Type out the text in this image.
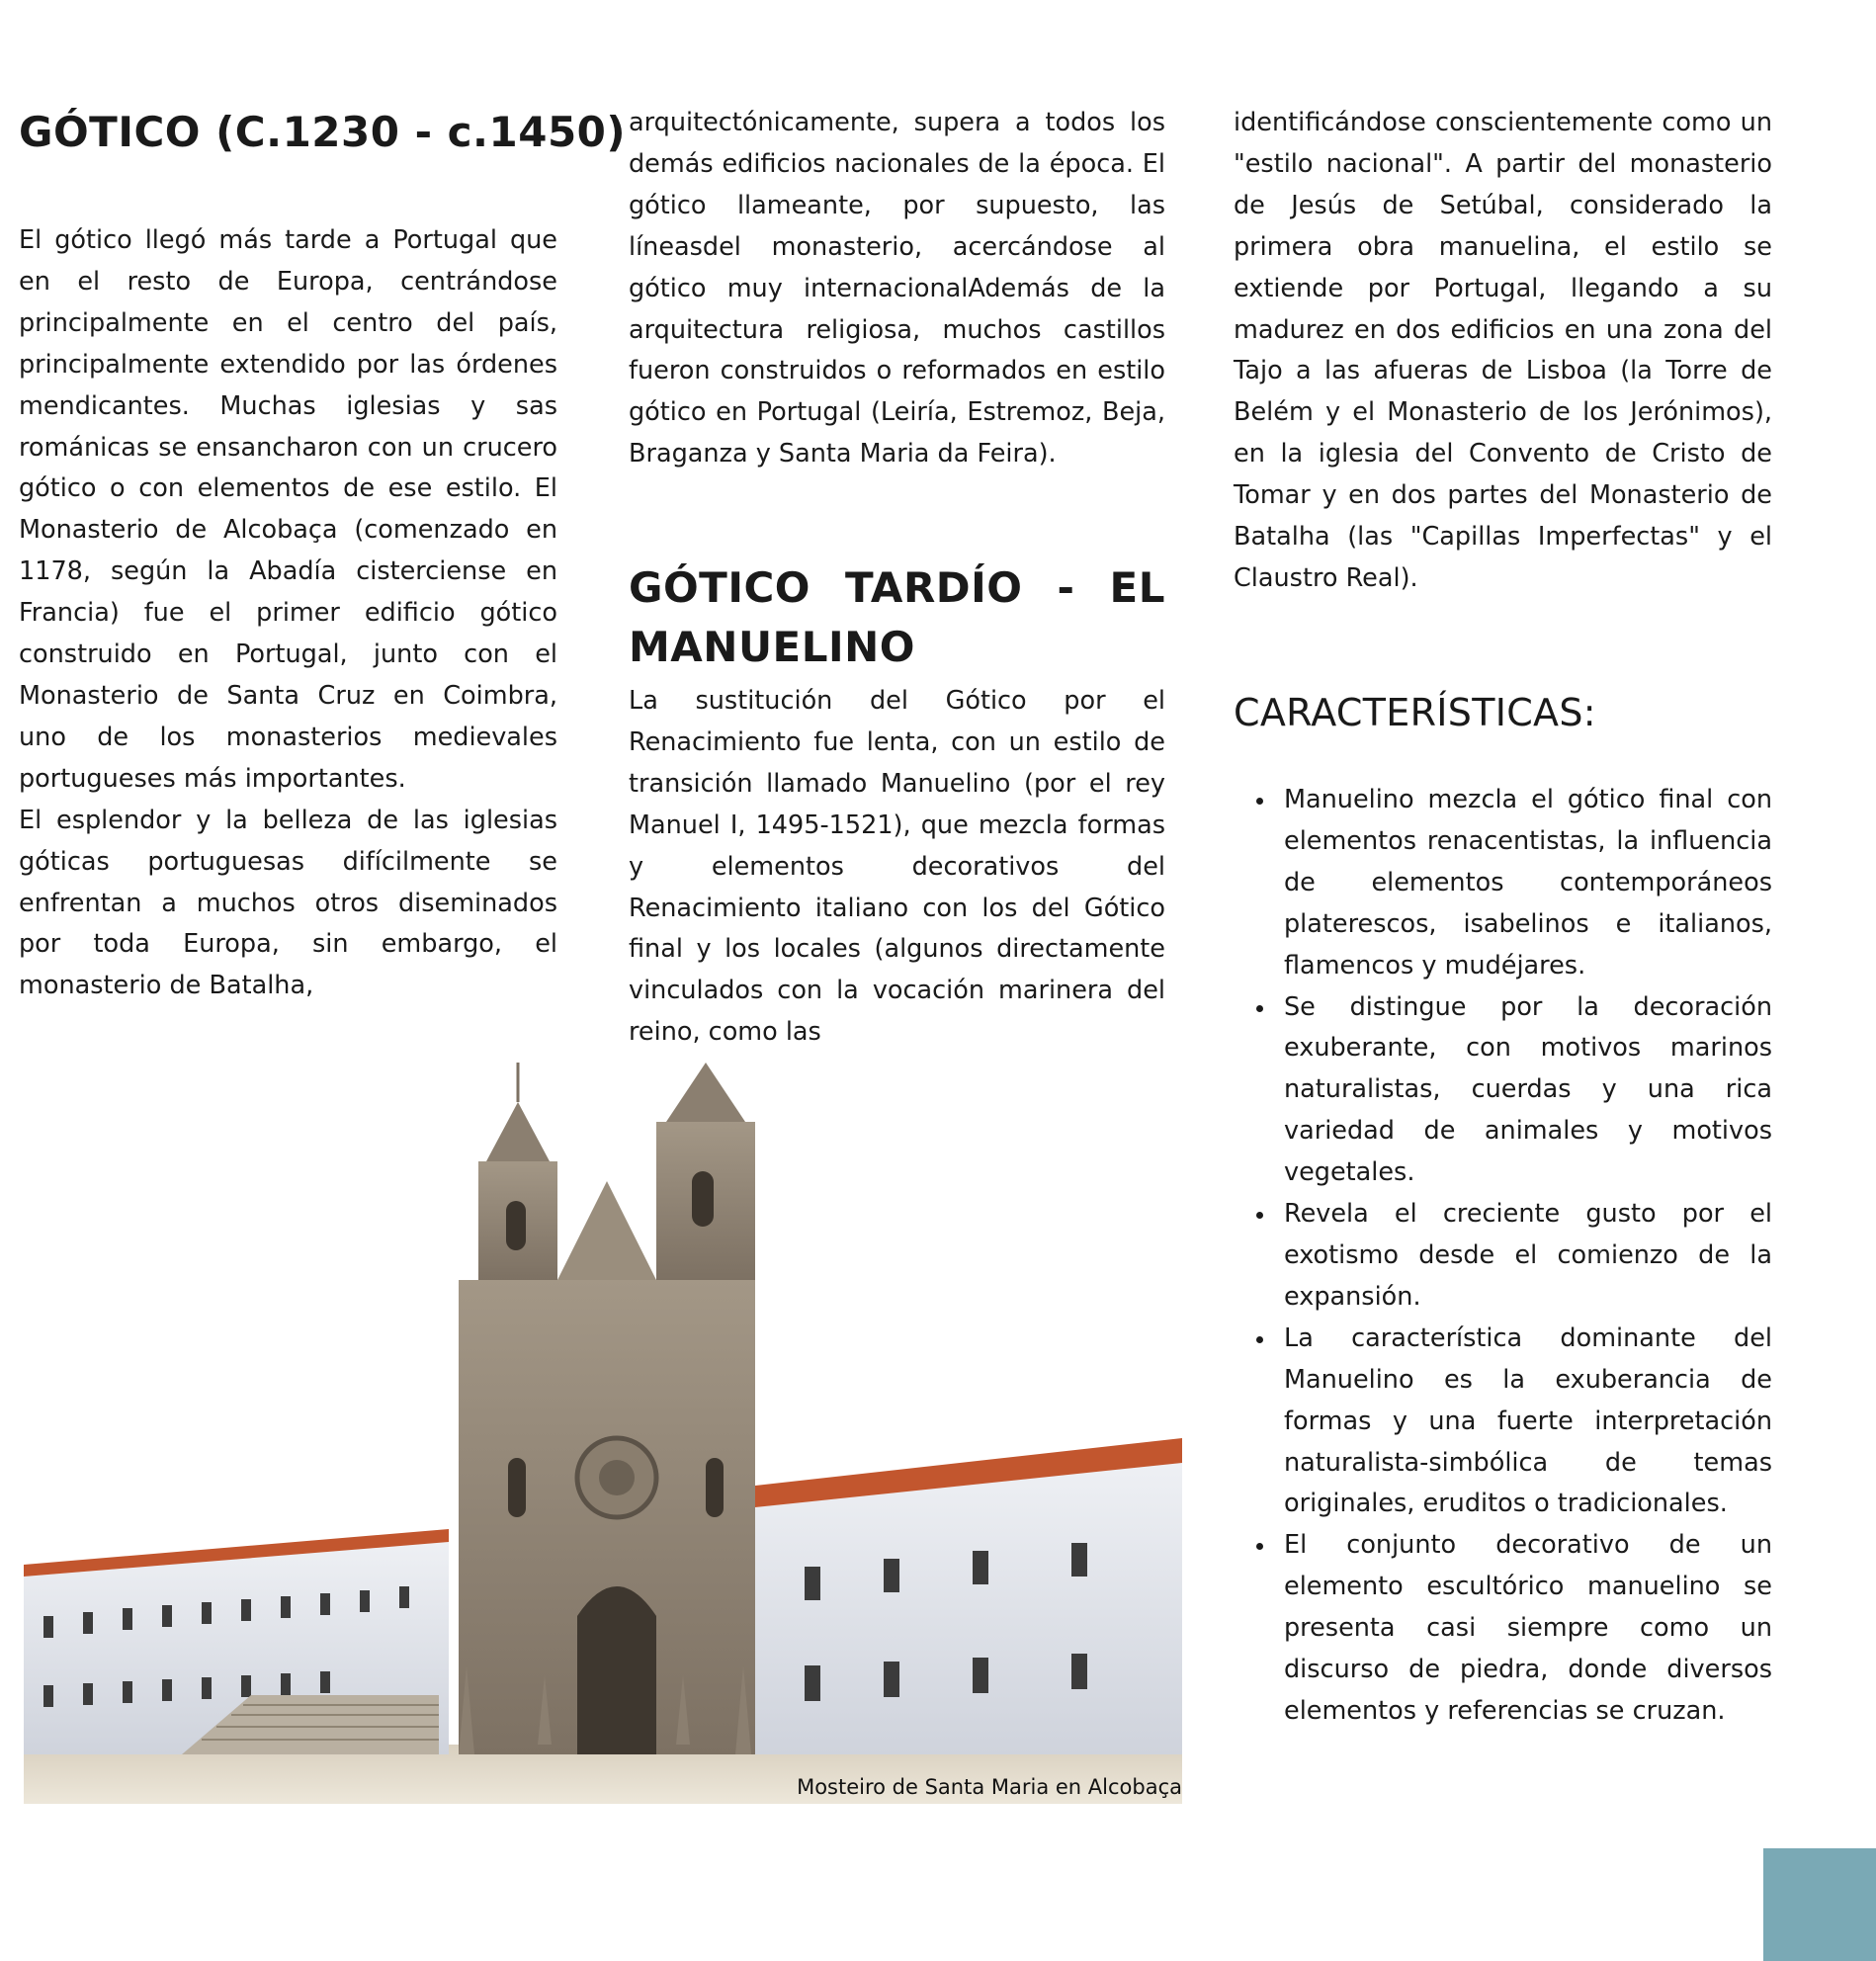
GÓTICO (C.1230 - c.1450)

El gótico llegó más tarde a Portugal que en el resto de Europa, centrándose principalmente en el centro del país, principalmente extendido por las órdenes mendicantes. Muchas iglesias y sas románicas se ensancharon con un crucero gótico o con elementos de ese estilo. El Monasterio de Alcobaça (comenzado en 1178, según la Abadía cisterciense en Francia) fue el primer edificio gótico construido en Portugal, junto con el Monasterio de Santa Cruz en Coimbra, uno de los monasterios medievales portugueses más importantes.

El esplendor y la belleza de las iglesias góticas portuguesas difícilmente se enfrentan a muchos otros diseminados por toda Europa, sin embargo, el monasterio de Batalha,

arquitectónicamente, supera a todos los demás edificios nacionales de la época. El gótico llameante, por supuesto, las líneasdel monasterio, acercándose al gótico muy internacionalAdemás de la arquitectura religiosa, muchos castillos fueron construidos o reformados en estilo gótico en Portugal (Leiría, Estremoz, Beja, Braganza y Santa Maria da Feira).

GÓTICO TARDÍO - EL
MANUELINO

La sustitución del Gótico por el Renacimiento fue lenta, con un estilo de transición llamado Manuelino (por el rey Manuel I, 1495-1521), que mezcla formas y elementos decorativos del Renacimiento italiano con los del Gótico final y los locales (algunos directamente vinculados con la vocación marinera del reino, como las

identificándose conscientemente como un "estilo nacional". A partir del monasterio de Jesús de Setúbal, considerado la primera obra manuelina, el estilo se extiende por Portugal, llegando a su madurez en dos edificios en una zona del Tajo a las afueras de Lisboa (la Torre de Belém y el Monasterio de los Jerónimos), en la iglesia del Convento de Cristo de Tomar y en dos partes del Monasterio de Batalha (las "Capillas Imperfectas" y el Claustro Real).

CARACTERÍSTICAS:
Manuelino mezcla el gótico final con elementos renacentistas, la influencia de elementos contemporáneos platerescos, isabelinos e italianos, flamencos y mudéjares.
Se distingue por la decoración exuberante, con motivos marinos naturalistas, cuerdas y una rica variedad de animales y motivos vegetales.
Revela el creciente gusto por el exotismo desde el comienzo de la expansión.
La característica dominante del Manuelino es la exuberancia de formas y una fuerte interpretación naturalista-simbólica de temas originales, eruditos o tradicionales.
El conjunto decorativo de un elemento escultórico manuelino se presenta casi siempre como un discurso de piedra, donde diversos elementos y referencias se cruzan.
Mosteiro de Santa Maria en Alcobaça
